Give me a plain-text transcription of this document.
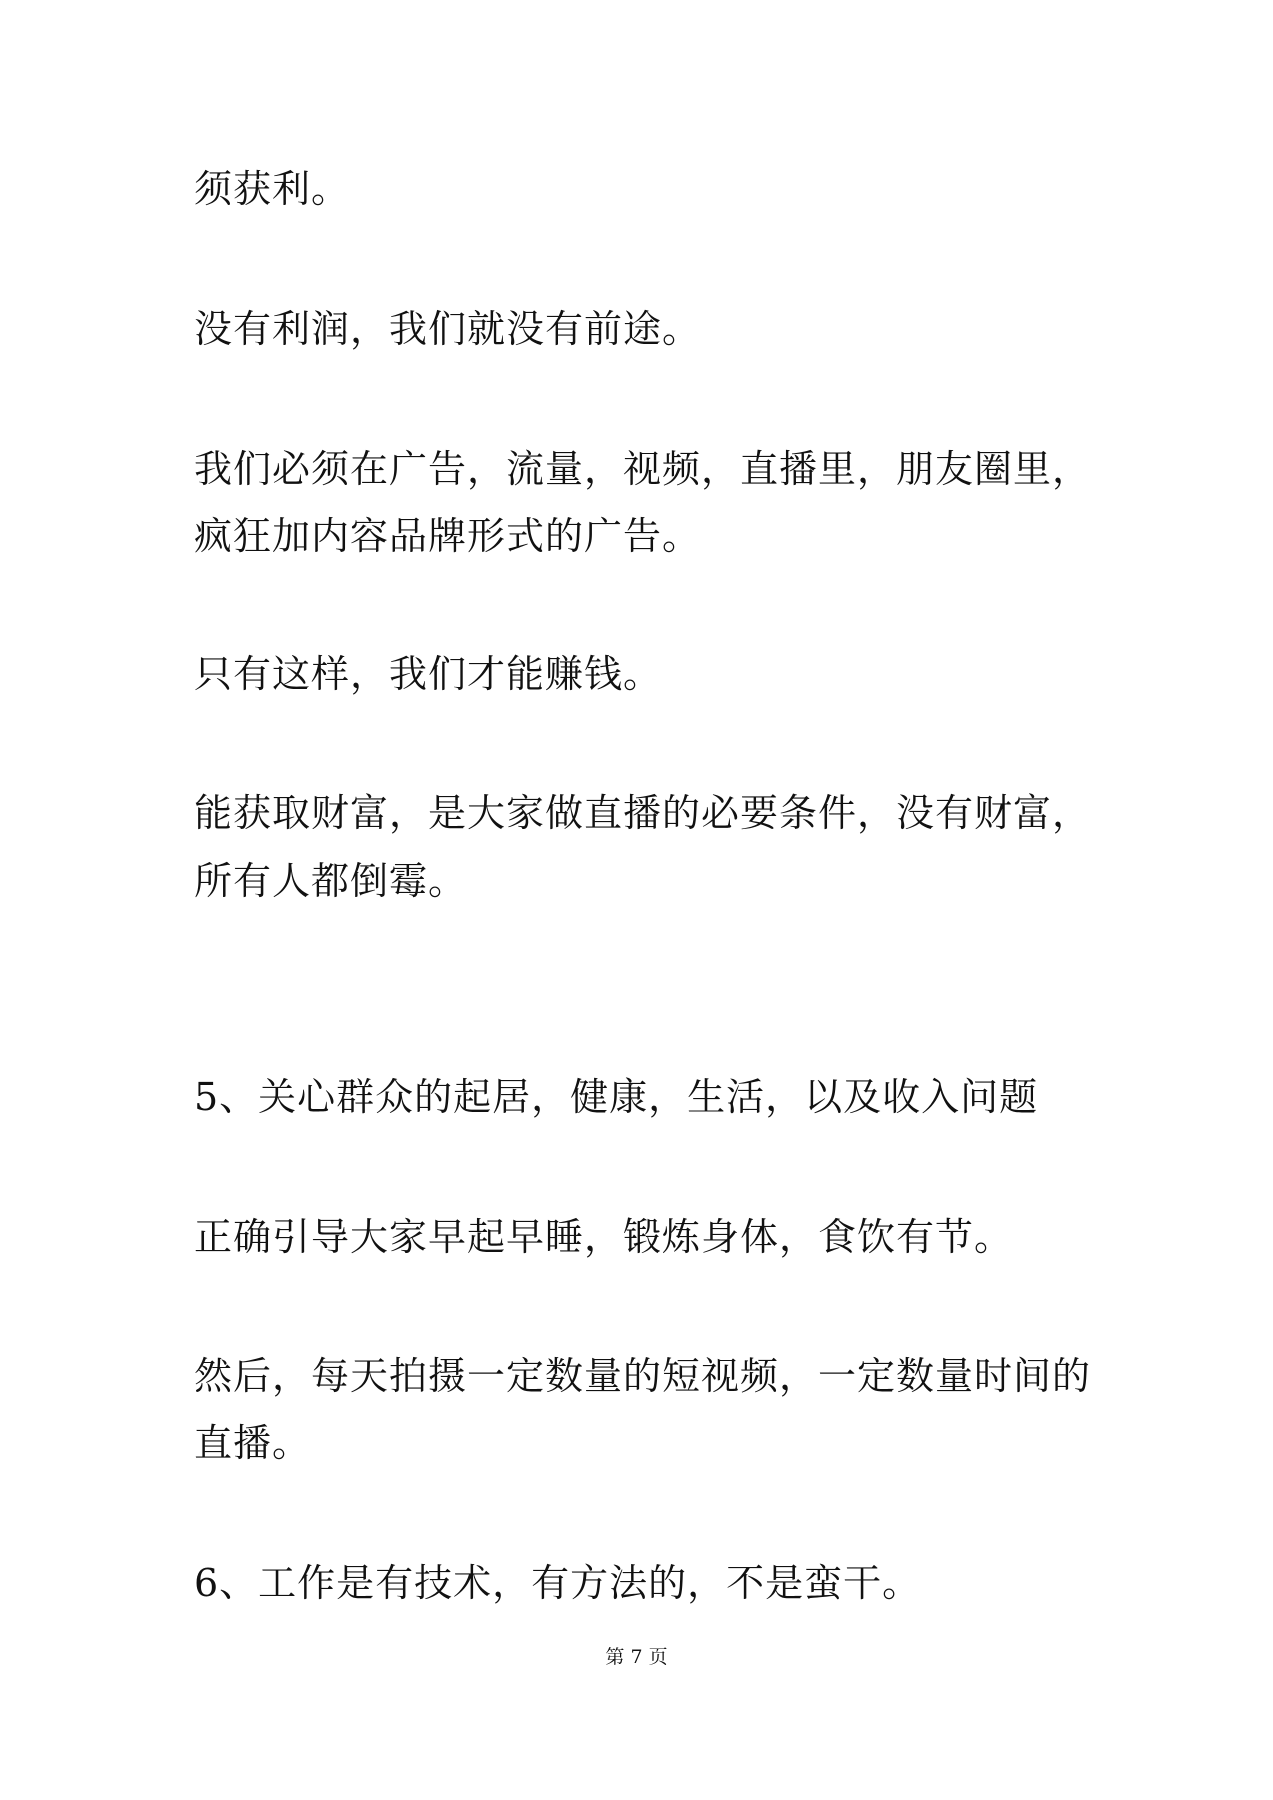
须获利。
没有利润，我们就没有前途。
我们必须在广告，流量，视频，直播里，朋友圈里，
疯狂加内容品牌形式的广告。
只有这样，我们才能赚钱。
能获取财富，是大家做直播的必要条件，没有财富，
所有人都倒霉。
5、关心群众的起居，健康，生活，以及收入问题
正确引导大家早起早睡，锻炼身体，食饮有节。
然后，每天拍摄一定数量的短视频，一定数量时间的
直播。
6、工作是有技术，有方法的，不是蛮干。
第 7 页
